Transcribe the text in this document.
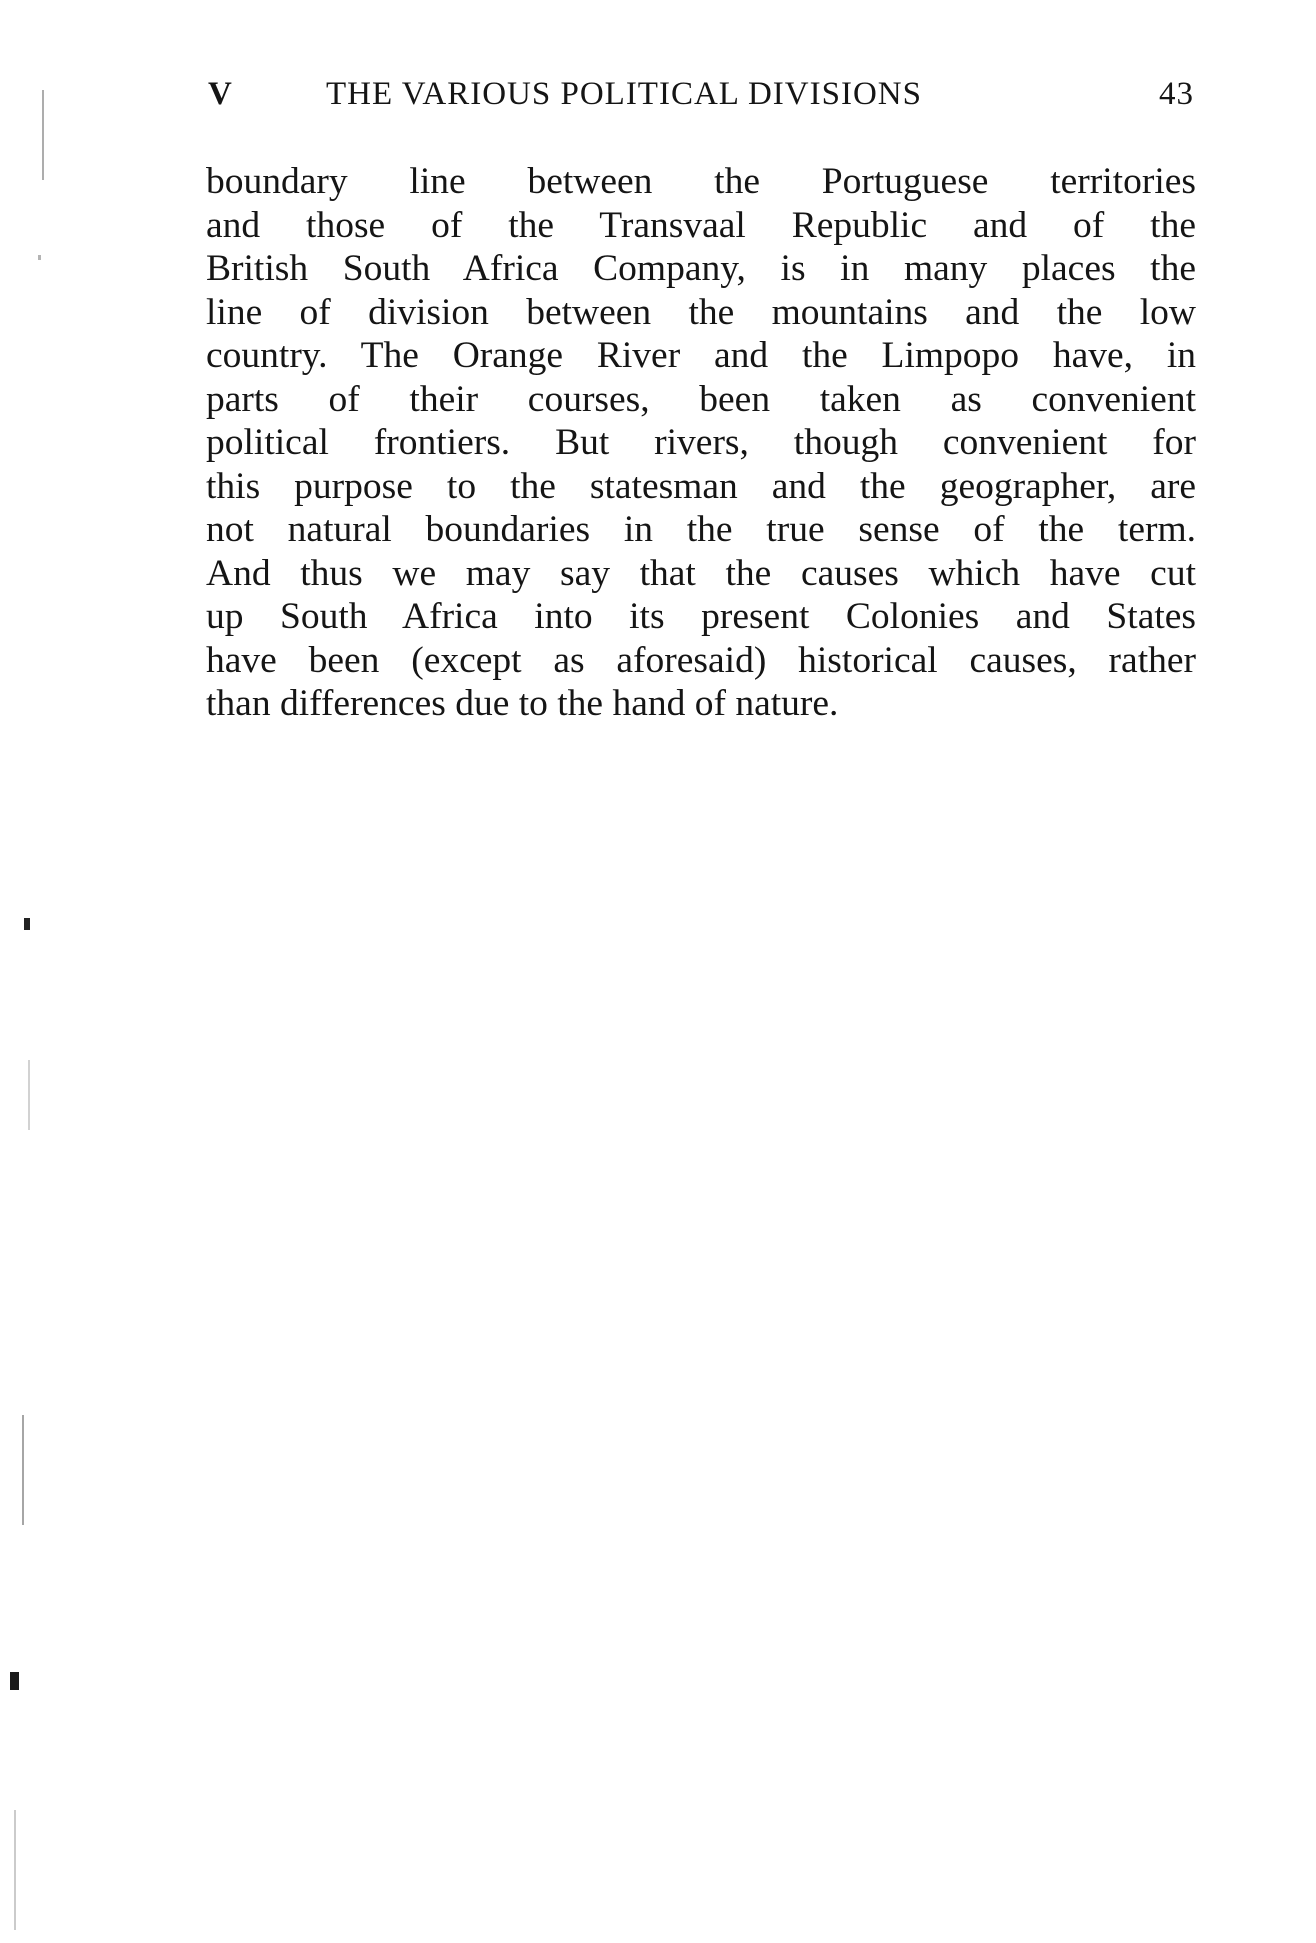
V	THE VARIOUS POLITICAL DIVISIONS	43
boundary line between the Portuguese territories
and those of the Transvaal Republic and of the
British South Africa Company, is in many places the
line of division between the mountains and the low
country. The Orange River and the Limpopo have, in
parts of their courses, been taken as convenient
political frontiers. But rivers, though convenient for
this purpose to the statesman and the geographer, are
not natural boundaries in the true sense of the term.
And thus we may say that the causes which have cut
up South Africa into its present Colonies and States
have been (except as aforesaid) historical causes, rather
than differences due to the hand of nature.
